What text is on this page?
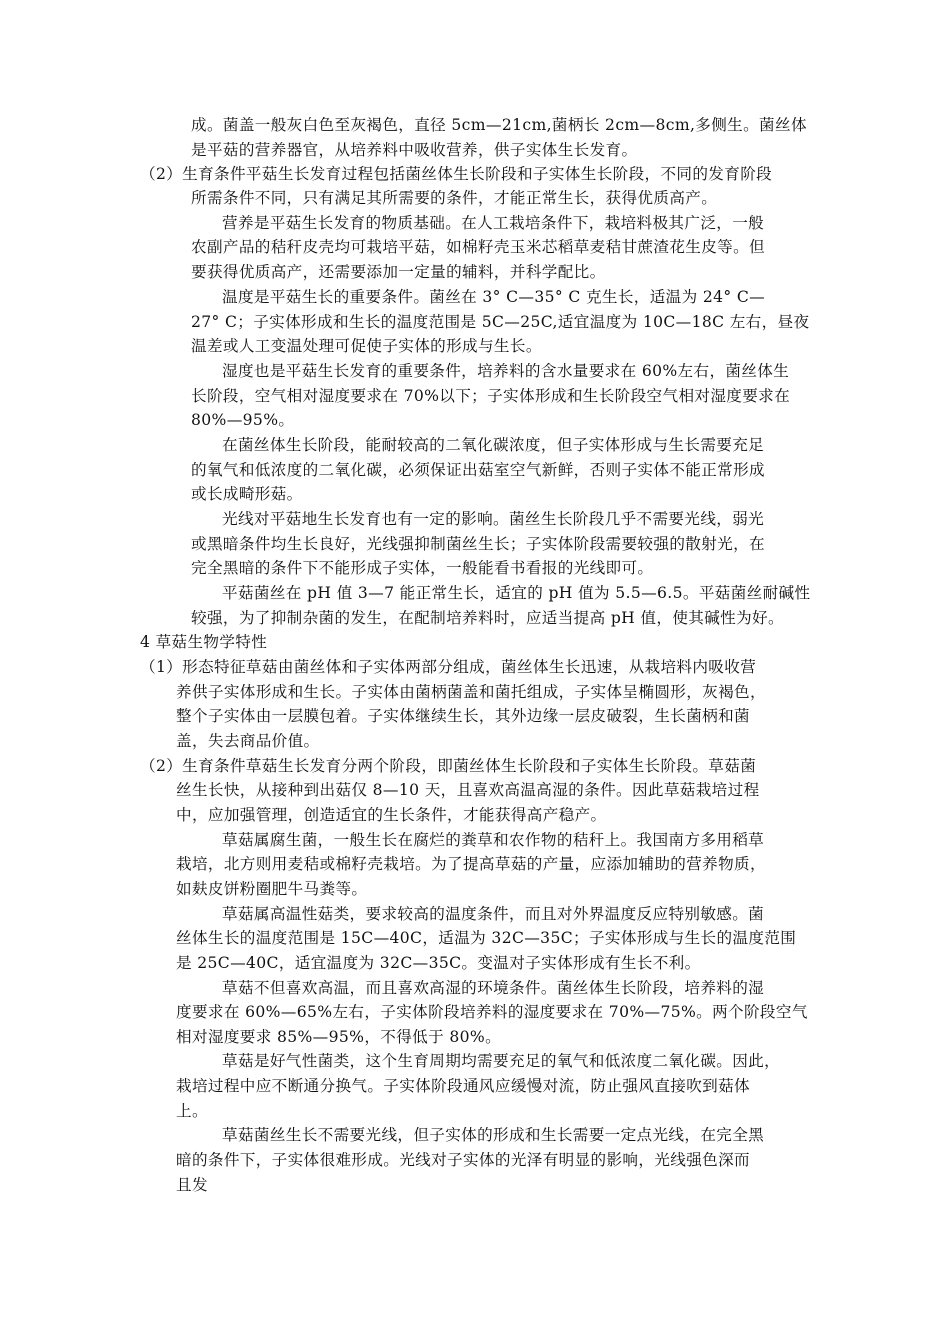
成。菌盖一般灰白色至灰褐色，直径 5cm—21cm,菌柄长 2cm—8cm,多侧生。菌丝体
是平菇的营养器官，从培养料中吸收营养，供子实体生长发育。
（2）生育条件平菇生长发育过程包括菌丝体生长阶段和子实体生长阶段，不同的发育阶段
所需条件不同，只有满足其所需要的条件，才能正常生长，获得优质高产。
营养是平菇生长发育的物质基础。在人工栽培条件下，栽培料极其广泛，一般
农副产品的秸秆皮壳均可栽培平菇，如棉籽壳玉米芯稻草麦秸甘蔗渣花生皮等。但
要获得优质高产，还需要添加一定量的辅料，并科学配比。
温度是平菇生长的重要条件。菌丝在 3° C—35° C 克生长，适温为 24° C—
27° C；子实体形成和生长的温度范围是 5C—25C,适宜温度为 10C—18C 左右，昼夜
温差或人工变温处理可促使子实体的形成与生长。
湿度也是平菇生长发育的重要条件，培养料的含水量要求在 60%左右，菌丝体生
长阶段，空气相对湿度要求在 70%以下；子实体形成和生长阶段空气相对湿度要求在
80%—95%。
在菌丝体生长阶段，能耐较高的二氧化碳浓度，但子实体形成与生长需要充足
的氧气和低浓度的二氧化碳，必须保证出菇室空气新鲜，否则子实体不能正常形成
或长成畸形菇。
光线对平菇地生长发育也有一定的影响。菌丝生长阶段几乎不需要光线，弱光
或黑暗条件均生长良好，光线强抑制菌丝生长；子实体阶段需要较强的散射光，在
完全黑暗的条件下不能形成子实体，一般能看书看报的光线即可。
平菇菌丝在 pH 值 3—7 能正常生长，适宜的 pH 值为 5.5—6.5。平菇菌丝耐碱性
较强，为了抑制杂菌的发生，在配制培养料时，应适当提高 pH 值，使其碱性为好。
4 草菇生物学特性
（1）形态特征草菇由菌丝体和子实体两部分组成，菌丝体生长迅速，从栽培料内吸收营
养供子实体形成和生长。子实体由菌柄菌盖和菌托组成，子实体呈椭圆形，灰褐色，
整个子实体由一层膜包着。子实体继续生长，其外边缘一层皮破裂，生长菌柄和菌
盖，失去商品价值。
（2）生育条件草菇生长发育分两个阶段，即菌丝体生长阶段和子实体生长阶段。草菇菌
丝生长快，从接种到出菇仅 8—10 天，且喜欢高温高湿的条件。因此草菇栽培过程
中，应加强管理，创造适宜的生长条件，才能获得高产稳产。
草菇属腐生菌，一般生长在腐烂的粪草和农作物的秸秆上。我国南方多用稻草
栽培，北方则用麦秸或棉籽壳栽培。为了提高草菇的产量，应添加辅助的营养物质，
如麸皮饼粉圈肥牛马粪等。
草菇属高温性菇类，要求较高的温度条件，而且对外界温度反应特别敏感。菌
丝体生长的温度范围是 15C—40C，适温为 32C—35C；子实体形成与生长的温度范围
是 25C—40C，适宜温度为 32C—35C。变温对子实体形成有生长不利。
草菇不但喜欢高温，而且喜欢高湿的环境条件。菌丝体生长阶段，培养料的湿
度要求在 60%—65%左右，子实体阶段培养料的湿度要求在 70%—75%。两个阶段空气
相对湿度要求 85%—95%，不得低于 80%。
草菇是好气性菌类，这个生育周期均需要充足的氧气和低浓度二氧化碳。因此，
栽培过程中应不断通分换气。子实体阶段通风应缓慢对流，防止强风直接吹到菇体
上。
草菇菌丝生长不需要光线，但子实体的形成和生长需要一定点光线，在完全黑
暗的条件下，子实体很难形成。光线对子实体的光泽有明显的影响，光线强色深而
且发
